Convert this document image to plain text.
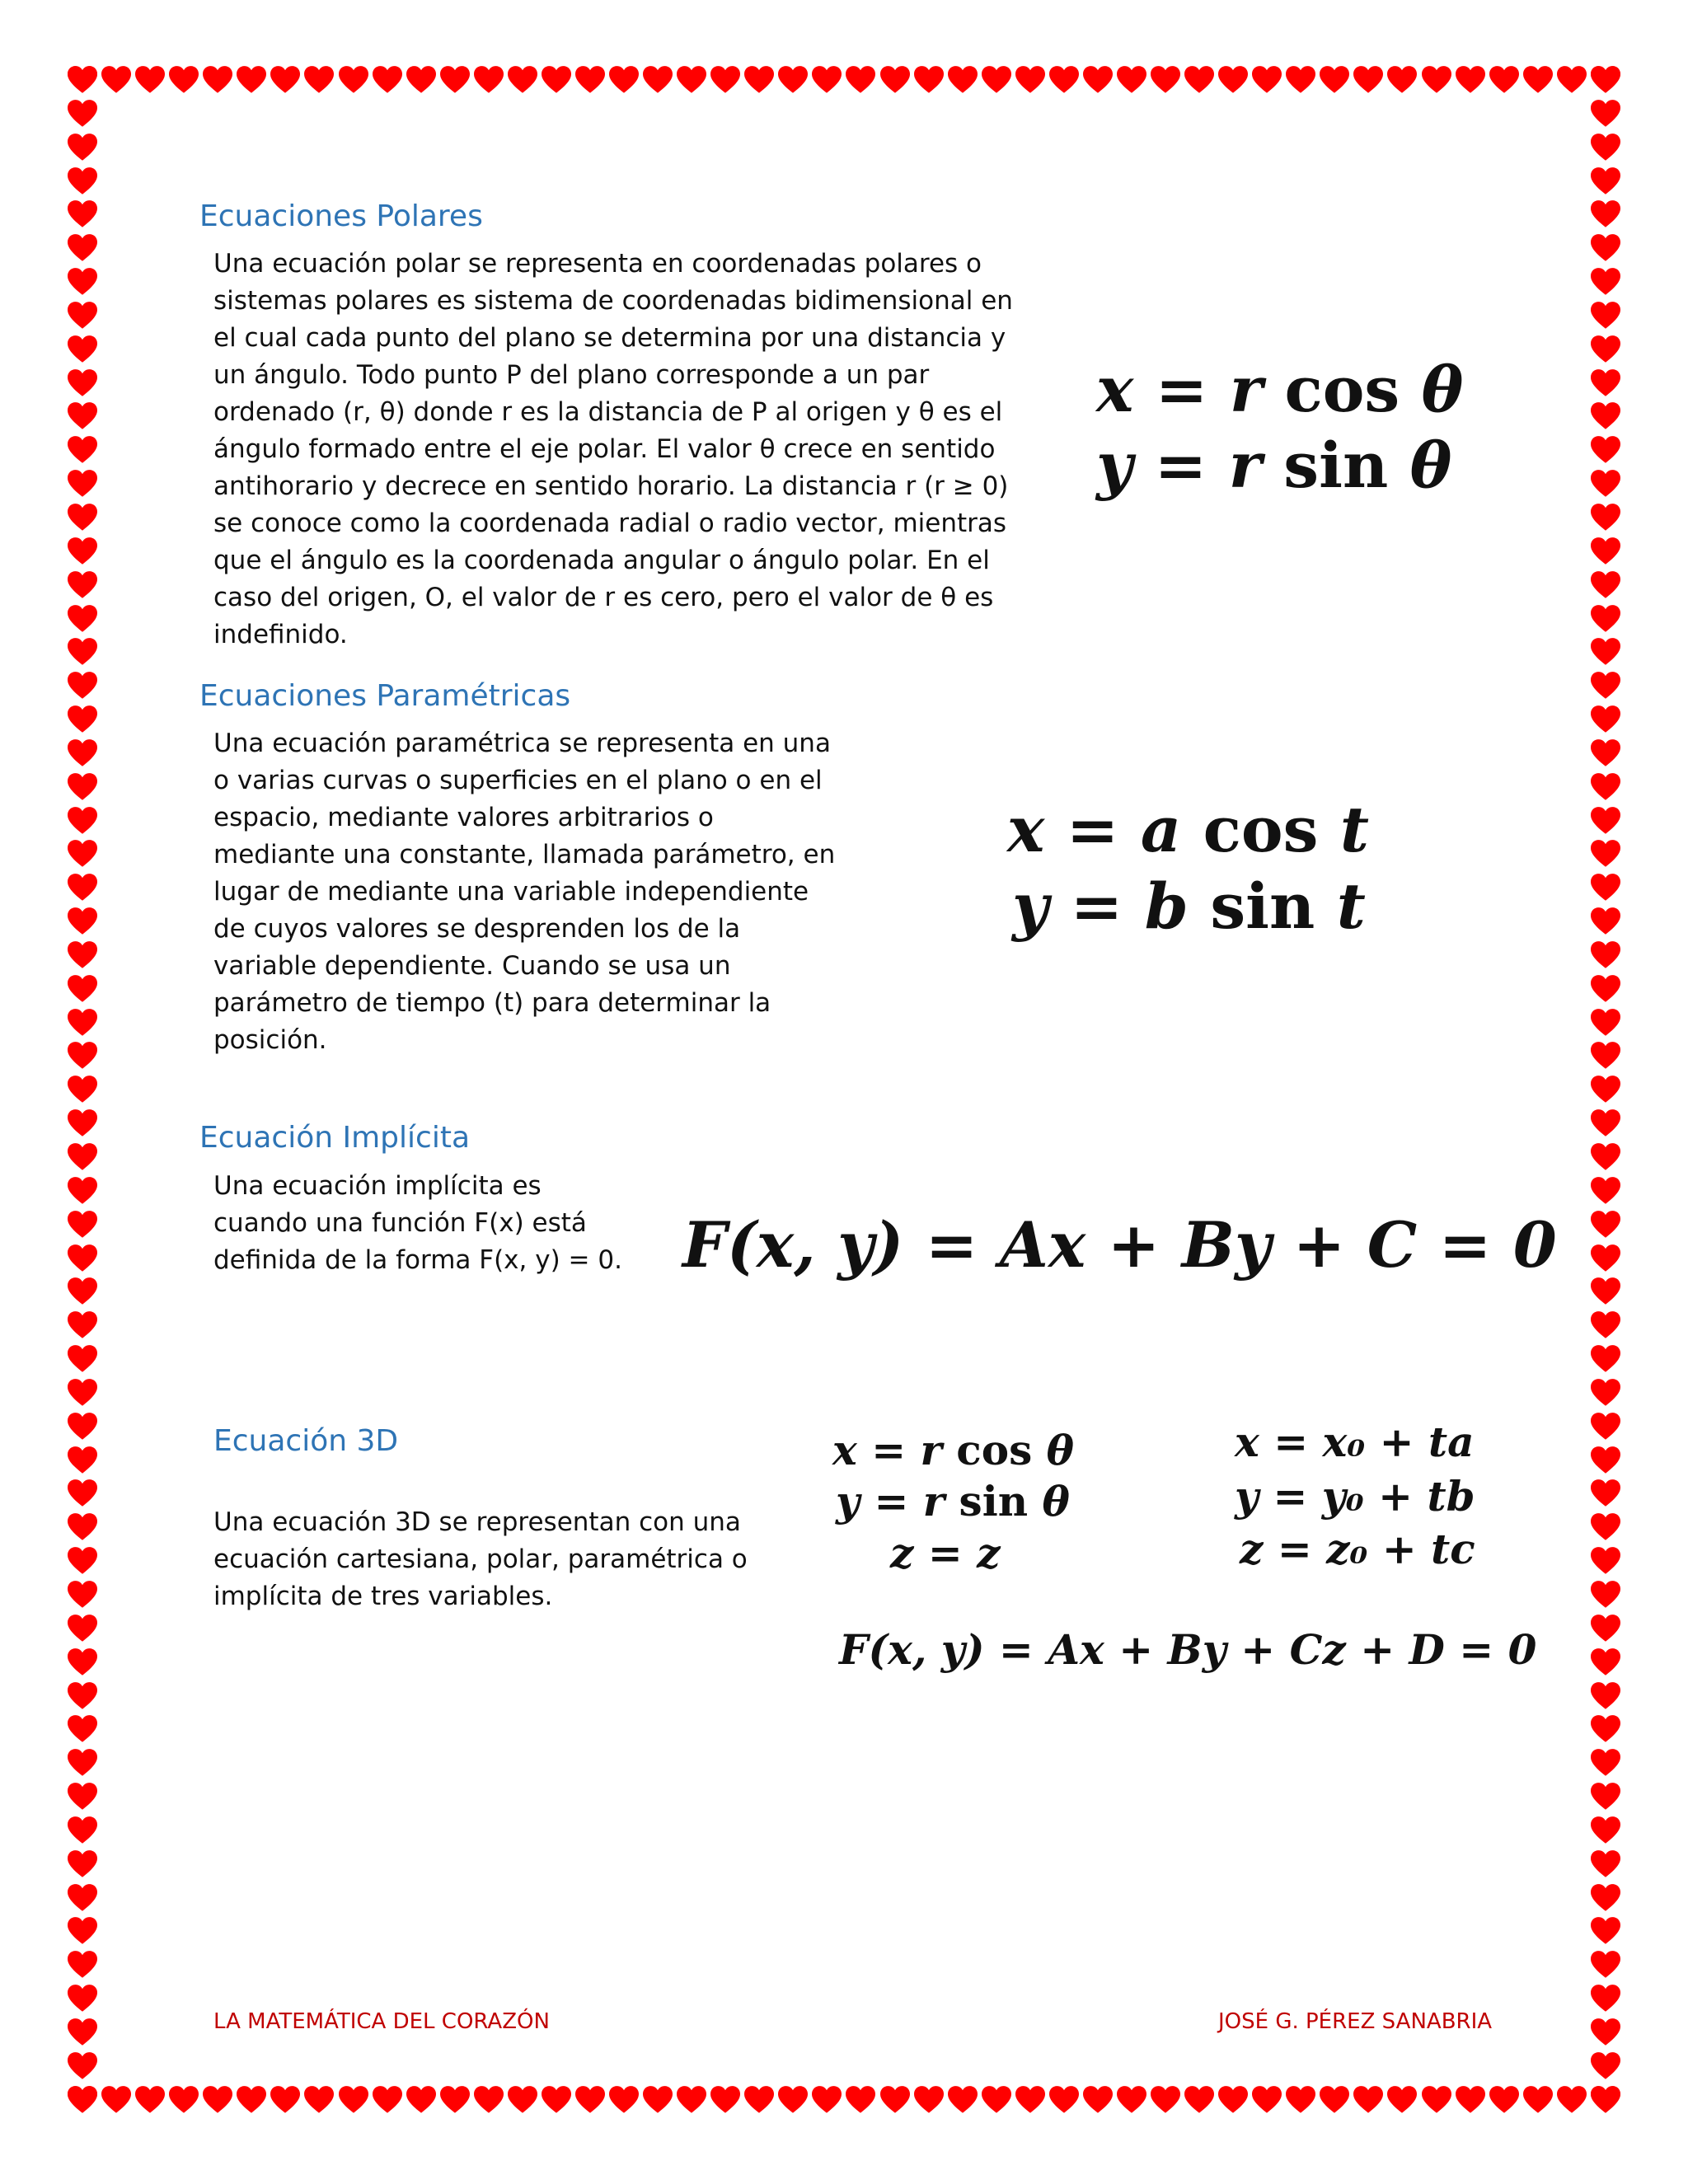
Ecuaciones Polares

Una ecuación polar se representa en coordenadas polares o sistemas polares es sistema de coordenadas bidimensional en el cual cada punto del plano se determina por una distancia y un ángulo. Todo punto P del plano corresponde a un par ordenado (r, θ) donde r es la distancia de P al origen y θ es el ángulo formado entre el eje polar. El valor θ crece en sentido antihorario y decrece en sentido horario. La distancia r (r ≥ 0) se conoce como la coordenada radial o radio vector, mientras que el ángulo es la coordenada angular o ángulo polar. En el caso del origen, O, el valor de r es cero, pero el valor de θ es indefinido.

x = r cos θ
y = r sin θ
Ecuaciones Paramétricas

Una ecuación paramétrica se representa en una o varias curvas o superficies en el plano o en el espacio, mediante valores arbitrarios o mediante una constante, llamada parámetro, en lugar de mediante una variable independiente de cuyos valores se desprenden los de la variable dependiente. Cuando se usa un parámetro de tiempo (t) para determinar la posición.

x = a cos t
y = b sin t
Ecuación Implícita

Una ecuación implícita es cuando una función F(x) está definida de la forma F(x, y) = 0. F(x, y) = Ax + By + C = 0
Ecuación 3D

Una ecuación 3D se representan con una ecuación cartesiana, polar, paramétrica o implícita de tres variables.

x = r cos θ
y = r sin θ
z = z
x = x₀ + ta
y = y₀ + tb
z = z₀ + tc
F(x, y) = Ax + By + Cz + D = 0
LA MATEMÁTICA DEL CORAZÓN	JOSÉ G. PÉREZ SANABRIA
